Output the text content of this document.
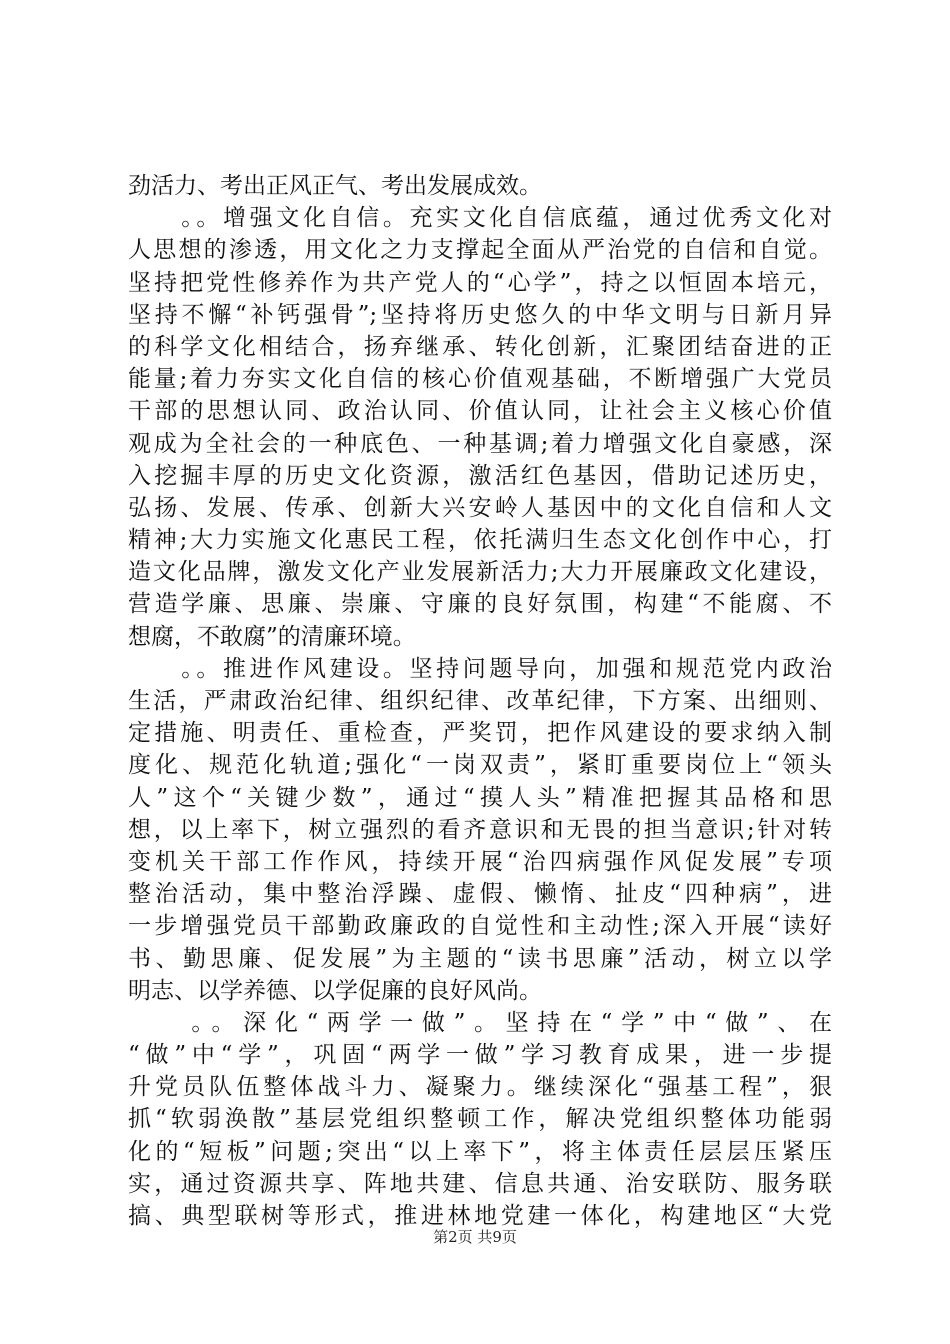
劲活力、考出正风正气、考出发展成效。
　　。。增强文化自信。充实文化自信底蕴，通过优秀文化对
人思想的渗透，用文化之力支撑起全面从严治党的自信和自觉。
坚持把党性修养作为共产党人的“心学”，持之以恒固本培元，
坚持不懈“补钙强骨”;坚持将历史悠久的中华文明与日新月异
的科学文化相结合，扬弃继承、转化创新，汇聚团结奋进的正
能量;着力夯实文化自信的核心价值观基础，不断增强广大党员
干部的思想认同、政治认同、价值认同，让社会主义核心价值
观成为全社会的一种底色、一种基调;着力增强文化自豪感，深
入挖掘丰厚的历史文化资源，激活红色基因，借助记述历史，
弘扬、发展、传承、创新大兴安岭人基因中的文化自信和人文
精神;大力实施文化惠民工程，依托满归生态文化创作中心，打
造文化品牌，激发文化产业发展新活力;大力开展廉政文化建设，
营造学廉、思廉、崇廉、守廉的良好氛围，构建“不能腐、不
想腐，不敢腐”的清廉环境。
　　。。推进作风建设。坚持问题导向，加强和规范党内政治
生活，严肃政治纪律、组织纪律、改革纪律，下方案、出细则、
定措施、明责任、重检查，严奖罚，把作风建设的要求纳入制
度化、规范化轨道;强化“一岗双责”，紧盯重要岗位上“领头
人”这个“关键少数”，通过“摸人头”精准把握其品格和思
想，以上率下，树立强烈的看齐意识和无畏的担当意识;针对转
变机关干部工作作风，持续开展“治四病强作风促发展”专项
整治活动，集中整治浮躁、虚假、懒惰、扯皮“四种病”，进
一步增强党员干部勤政廉政的自觉性和主动性;深入开展“读好
书、勤思廉、促发展”为主题的“读书思廉”活动，树立以学
明志、以学养德、以学促廉的良好风尚。
　　。。深化“两学一做”。坚持在“学”中“做”、在
“做”中“学”，巩固“两学一做”学习教育成果，进一步提
升党员队伍整体战斗力、凝聚力。继续深化“强基工程”，狠
抓“软弱涣散”基层党组织整顿工作，解决党组织整体功能弱
化的“短板”问题;突出“以上率下”，将主体责任层层压紧压
实，通过资源共享、阵地共建、信息共通、治安联防、服务联
搞、典型联树等形式，推进林地党建一体化，构建地区“大党
第2页 共9页
